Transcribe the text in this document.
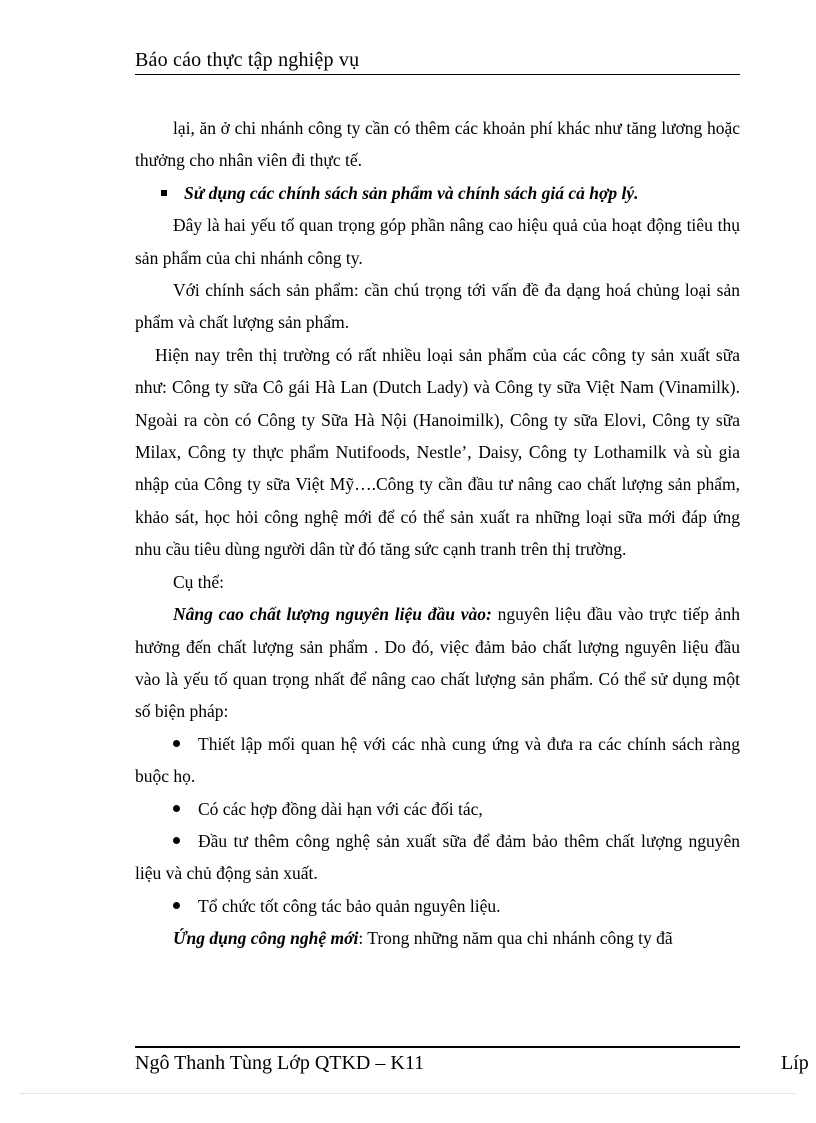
Báo cáo thực tập nghiệp vụ

lại, ăn ở chi nhánh công ty cần có thêm các khoản phí khác như tăng lương hoặc thưởng cho nhân viên đi thực tế.

Sử dụng các chính sách sản phẩm và chính sách giá cả hợp lý.

Đây là hai yếu tố quan trọng góp phần nâng cao hiệu quả của hoạt động tiêu thụ sản phẩm của chi nhánh công ty.

Với chính sách sản phẩm: cần chú trọng tới vấn đề đa dạng hoá chủng loại sản phẩm và chất lượng sản phẩm.

Hiện nay trên thị trường có rất nhiều loại sản phẩm của các công ty sản xuất sữa như: Công ty sữa Cô gái Hà Lan (Dutch Lady) và Công ty sữa Việt Nam (Vinamilk). Ngoài ra còn có Công ty Sữa Hà Nội (Hanoimilk), Công ty sữa Elovi, Công ty sữa Milax, Công ty thực phẩm Nutifoods, Nestle’, Daisy, Công ty Lothamilk và sù gia nhập của Công ty sữa Việt Mỹ….Công ty cần đầu tư nâng cao chất lượng sản phẩm, khảo sát, học hỏi công nghệ mới để có thể sản xuất ra những loại sữa mới đáp ứng nhu cầu tiêu dùng người dân từ đó tăng sức cạnh tranh trên thị trường.

Cụ thể:

Nâng cao chất lượng nguyên liệu đầu vào: nguyên liệu đầu vào trực tiếp ảnh hưởng đến chất lượng sản phẩm . Do đó, việc đảm bảo chất lượng nguyên liệu đầu vào là yếu tố quan trọng nhất để nâng cao chất lượng sản phẩm. Có thể sử dụng một số biện pháp:

Thiết lập mối quan hệ với các nhà cung ứng và đưa ra các chính sách ràng buộc họ.

Có các hợp đồng dài hạn với các đối tác,

Đầu tư thêm công nghệ sản xuất sữa để đảm bảo thêm chất lượng nguyên liệu và chủ động sản xuất.

Tổ chức tốt công tác bảo quản nguyên liệu.

Ứng dụng công nghệ mới: Trong những năm qua chi nhánh công ty đã

Ngô Thanh Tùng Lớp QTKD – K11	Líp
